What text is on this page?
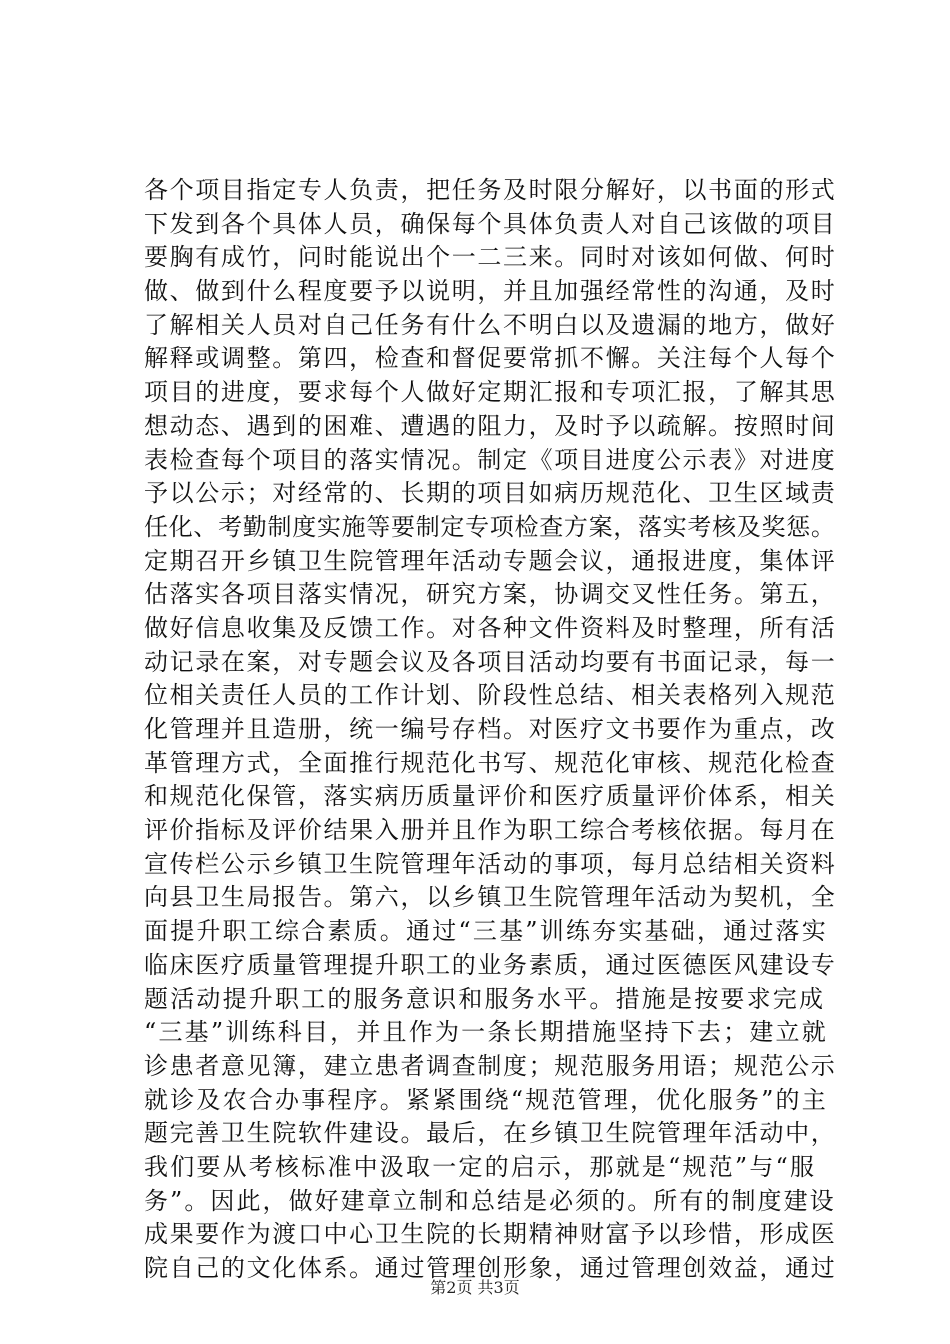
各个项目指定专人负责，把任务及时限分解好，以书面的形式
下发到各个具体人员，确保每个具体负责人对自己该做的项目
要胸有成竹，问时能说出个一二三来。同时对该如何做、何时
做、做到什么程度要予以说明，并且加强经常性的沟通，及时
了解相关人员对自己任务有什么不明白以及遗漏的地方，做好
解释或调整。第四，检查和督促要常抓不懈。关注每个人每个
项目的进度，要求每个人做好定期汇报和专项汇报，了解其思
想动态、遇到的困难、遭遇的阻力，及时予以疏解。按照时间
表检查每个项目的落实情况。制定《项目进度公示表》对进度
予以公示；对经常的、长期的项目如病历规范化、卫生区域责
任化、考勤制度实施等要制定专项检查方案，落实考核及奖惩。
定期召开乡镇卫生院管理年活动专题会议，通报进度，集体评
估落实各项目落实情况，研究方案，协调交叉性任务。第五，
做好信息收集及反馈工作。对各种文件资料及时整理，所有活
动记录在案，对专题会议及各项目活动均要有书面记录，每一
位相关责任人员的工作计划、阶段性总结、相关表格列入规范
化管理并且造册，统一编号存档。对医疗文书要作为重点，改
革管理方式，全面推行规范化书写、规范化审核、规范化检查
和规范化保管，落实病历质量评价和医疗质量评价体系，相关
评价指标及评价结果入册并且作为职工综合考核依据。每月在
宣传栏公示乡镇卫生院管理年活动的事项，每月总结相关资料
向县卫生局报告。第六，以乡镇卫生院管理年活动为契机，全
面提升职工综合素质。通过“三基”训练夯实基础，通过落实
临床医疗质量管理提升职工的业务素质，通过医德医风建设专
题活动提升职工的服务意识和服务水平。措施是按要求完成
“三基”训练科目，并且作为一条长期措施坚持下去；建立就
诊患者意见簿，建立患者调查制度；规范服务用语；规范公示
就诊及农合办事程序。紧紧围绕“规范管理，优化服务”的主
题完善卫生院软件建设。最后，在乡镇卫生院管理年活动中，
我们要从考核标准中汲取一定的启示，那就是“规范”与“服
务”。因此，做好建章立制和总结是必须的。所有的制度建设
成果要作为渡口中心卫生院的长期精神财富予以珍惜，形成医
院自己的文化体系。通过管理创形象，通过管理创效益，通过
第2页 共3页
